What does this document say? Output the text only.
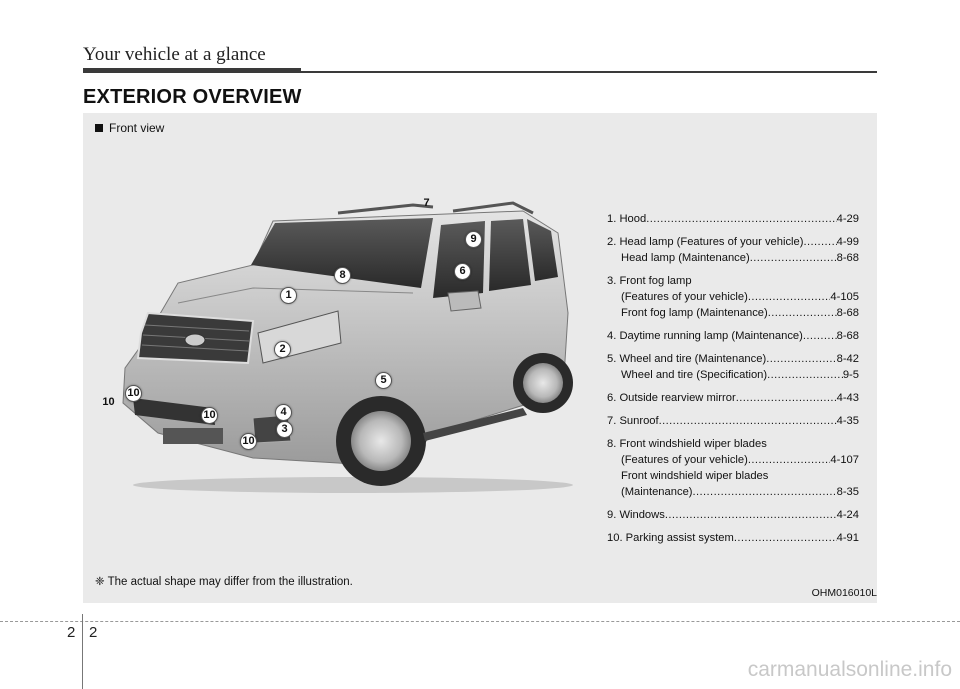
Your vehicle at a glance
EXTERIOR OVERVIEW
Front view
1
2
3
4
5
6
7
8
9
10
10
10
10
1. Hood .....	4-29
2. Head lamp (Features of your vehicle) .....	4-99
Head lamp (Maintenance) .....	8-68
3. Front fog lamp
(Features of your vehicle) .....	4-105
Front fog lamp (Maintenance) .....	8-68
4. Daytime running lamp (Maintenance) .....	8-68
5. Wheel and tire (Maintenance) .....	8-42
Wheel and tire (Specification) .....	9-5
6. Outside rearview mirror .....	4-43
7. Sunroof .....	4-35
8. Front windshield wiper blades
(Features of your vehicle) .....	4-107
Front windshield wiper blades
(Maintenance) .....	8-35
9. Windows .....	4-24
10. Parking assist system .....	4-91
❈ The actual shape may differ from the illustration.
OHM016010L
2 2
carmanualsonline.info
